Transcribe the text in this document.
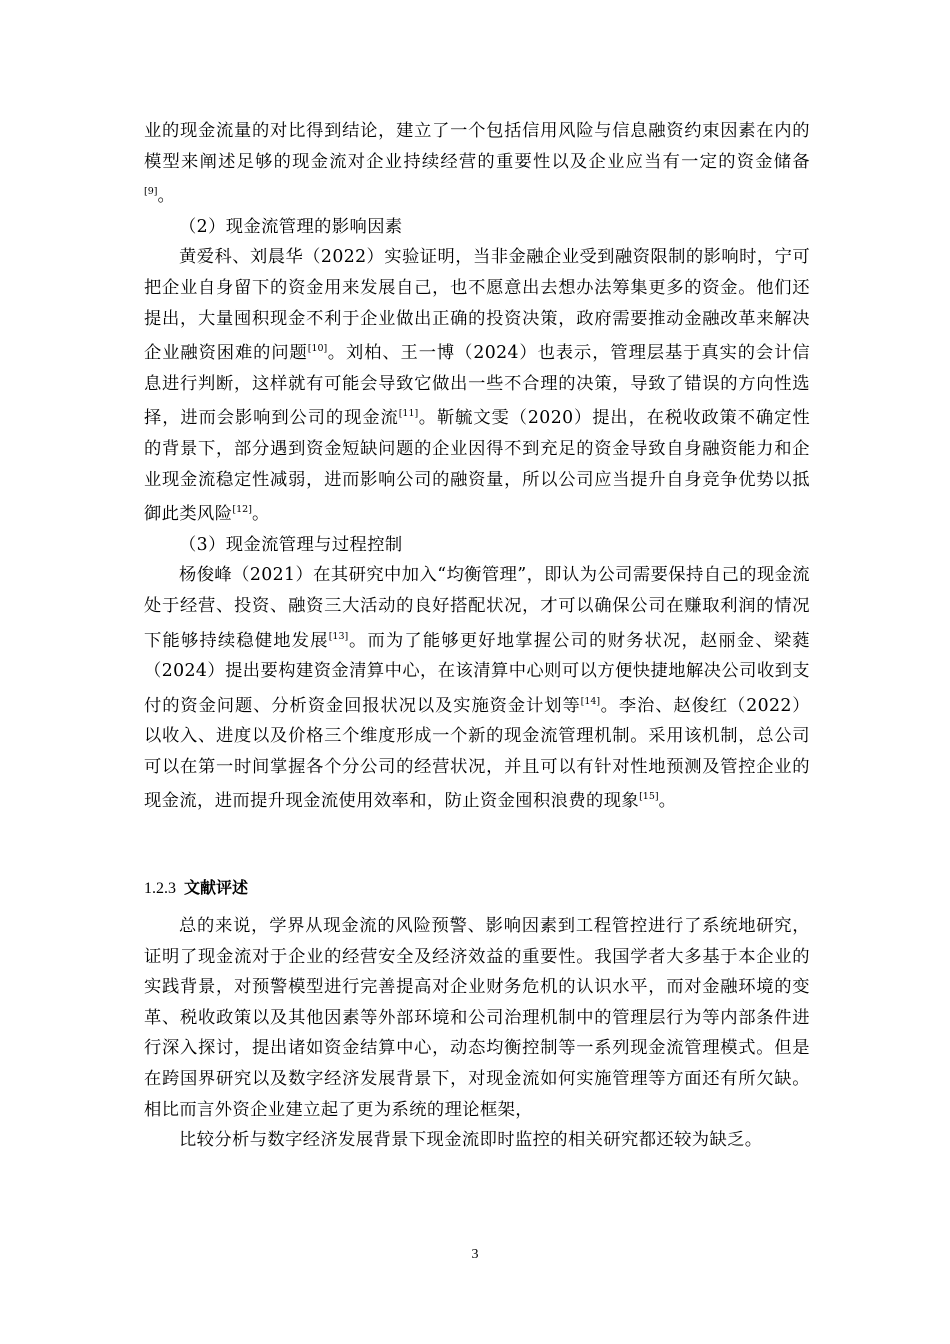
业的现金流量的对比得到结论，建立了一个包括信用风险与信息融资约束因素在内的模型来阐述足够的现金流对企业持续经营的重要性以及企业应当有一定的资金储备[9]。

（2）现金流管理的影响因素

黄爱科、刘晨华（2022）实验证明，当非金融企业受到融资限制的影响时，宁可把企业自身留下的资金用来发展自己，也不愿意出去想办法筹集更多的资金。他们还提出，大量囤积现金不利于企业做出正确的投资决策，政府需要推动金融改革来解决企业融资困难的问题[10]。刘柏、王一博（2024）也表示，管理层基于真实的会计信息进行判断，这样就有可能会导致它做出一些不合理的决策，导致了错误的方向性选择，进而会影响到公司的现金流[11]。靳毓文雯（2020）提出，在税收政策不确定性的背景下，部分遇到资金短缺问题的企业因得不到充足的资金导致自身融资能力和企业现金流稳定性减弱，进而影响公司的融资量，所以公司应当提升自身竞争优势以抵御此类风险[12]。

（3）现金流管理与过程控制

杨俊峰（2021）在其研究中加入“均衡管理”，即认为公司需要保持自己的现金流处于经营、投资、融资三大活动的良好搭配状况，才可以确保公司在赚取利润的情况下能够持续稳健地发展[13]。而为了能够更好地掌握公司的财务状况，赵丽金、梁蕤（2024）提出要构建资金清算中心，在该清算中心则可以方便快捷地解决公司收到支付的资金问题、分析资金回报状况以及实施资金计划等[14]。李治、赵俊红（2022）以收入、进度以及价格三个维度形成一个新的现金流管理机制。采用该机制，总公司可以在第一时间掌握各个分公司的经营状况，并且可以有针对性地预测及管控企业的现金流，进而提升现金流使用效率和，防止资金囤积浪费的现象[15]。

1.2.3 文献评述

总的来说，学界从现金流的风险预警、影响因素到工程管控进行了系统地研究，证明了现金流对于企业的经营安全及经济效益的重要性。我国学者大多基于本企业的实践背景，对预警模型进行完善提高对企业财务危机的认识水平，而对金融环境的变革、税收政策以及其他因素等外部环境和公司治理机制中的管理层行为等内部条件进行深入探讨，提出诸如资金结算中心，动态均衡控制等一系列现金流管理模式。但是在跨国界研究以及数字经济发展背景下，对现金流如何实施管理等方面还有所欠缺。相比而言外资企业建立起了更为系统的理论框架，

比较分析与数字经济发展背景下现金流即时监控的相关研究都还较为缺乏。

3
